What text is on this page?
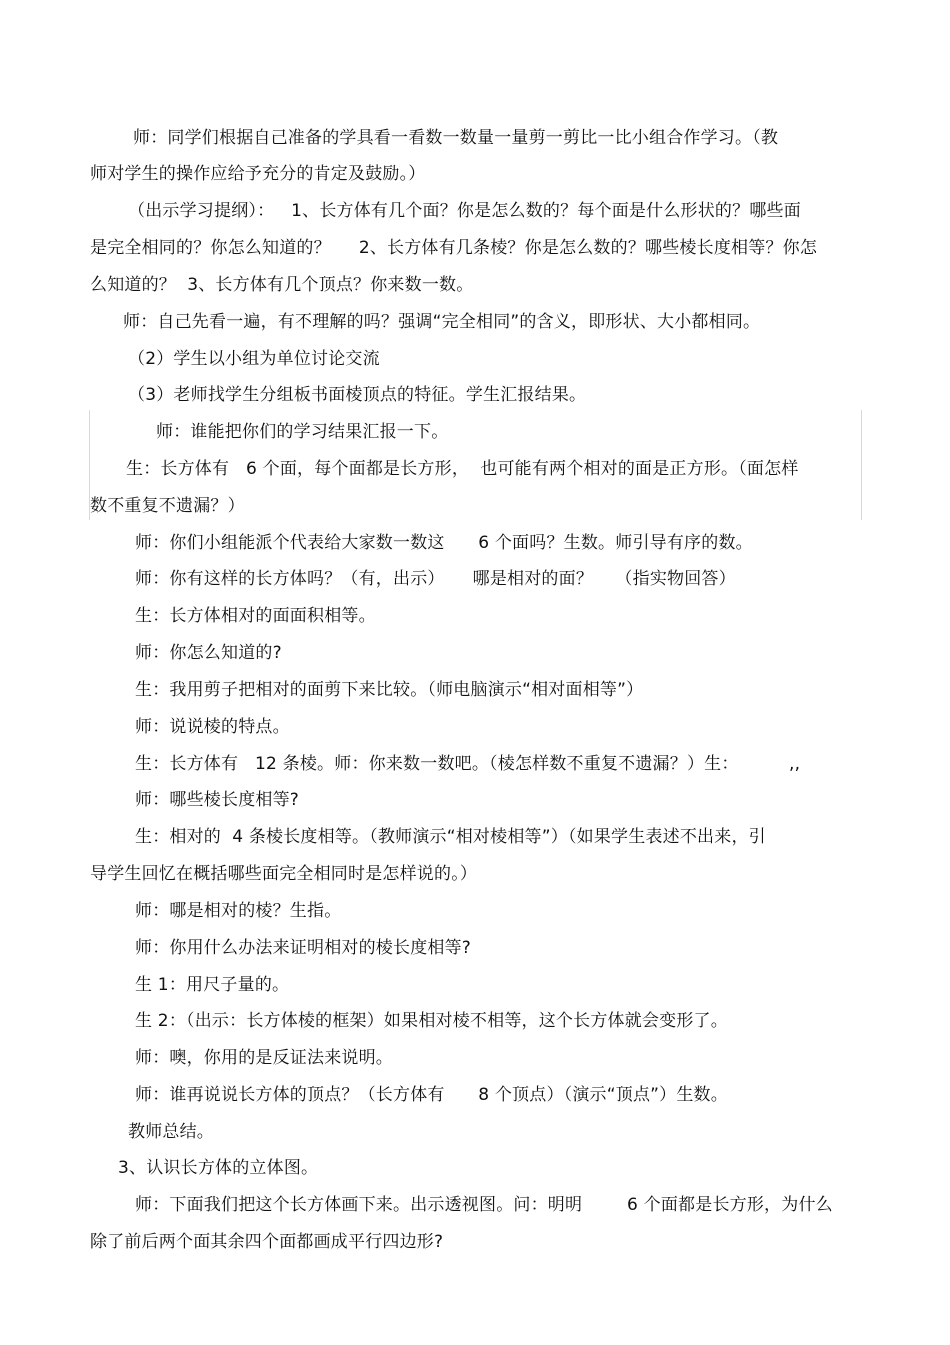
师：同学们根据自己准备的学具看一看数一数量一量剪一剪比一比小组合作学习。（教
师对学生的操作应给予充分的肯定及鼓励。）
（出示学习提纲）：   1、长方体有几个面？你是怎么数的？每个面是什么形状的？哪些面
是完全相同的？你怎么知道的？     2、长方体有几条棱？你是怎么数的？哪些棱长度相等？你怎
么知道的？  3、长方体有几个顶点？你来数一数。
师：自己先看一遍，有不理解的吗？强调“完全相同”的含义，即形状、大小都相同。
（2）学生以小组为单位讨论交流
（3）老师找学生分组板书面棱顶点的特征。学生汇报结果。
师：谁能把你们的学习结果汇报一下。
生：长方体有   6 个面，每个面都是长方形，  也可能有两个相对的面是正方形。（面怎样
数不重复不遗漏？）
师：你们小组能派个代表给大家数一数这      6 个面吗？生数。师引导有序的数。
师：你有这样的长方体吗？（有，出示）     哪是相对的面？    （指实物回答）
生：长方体相对的面面积相等。
师：你怎么知道的?
生：我用剪子把相对的面剪下来比较。（师电脑演示“相对面相等”）
师：说说棱的特点。
生：长方体有   12 条棱。师：你来数一数吧。（棱怎样数不重复不遗漏？）生：         ,,
师：哪些棱长度相等?
生：相对的  4 条棱长度相等。（教师演示“相对棱相等”）（如果学生表述不出来，引
导学生回忆在概括哪些面完全相同时是怎样说的。）
师：哪是相对的棱？生指。
师：你用什么办法来证明相对的棱长度相等?
生 1：用尺子量的。
生 2：（出示：长方体棱的框架）如果相对棱不相等，这个长方体就会变形了。
师：噢，你用的是反证法来说明。
师：谁再说说长方体的顶点？（长方体有      8 个顶点）（演示“顶点”）生数。
教师总结。
3、认识长方体的立体图。
师：下面我们把这个长方体画下来。出示透视图。问：明明        6 个面都是长方形，为什么
除了前后两个面其余四个面都画成平行四边形?
